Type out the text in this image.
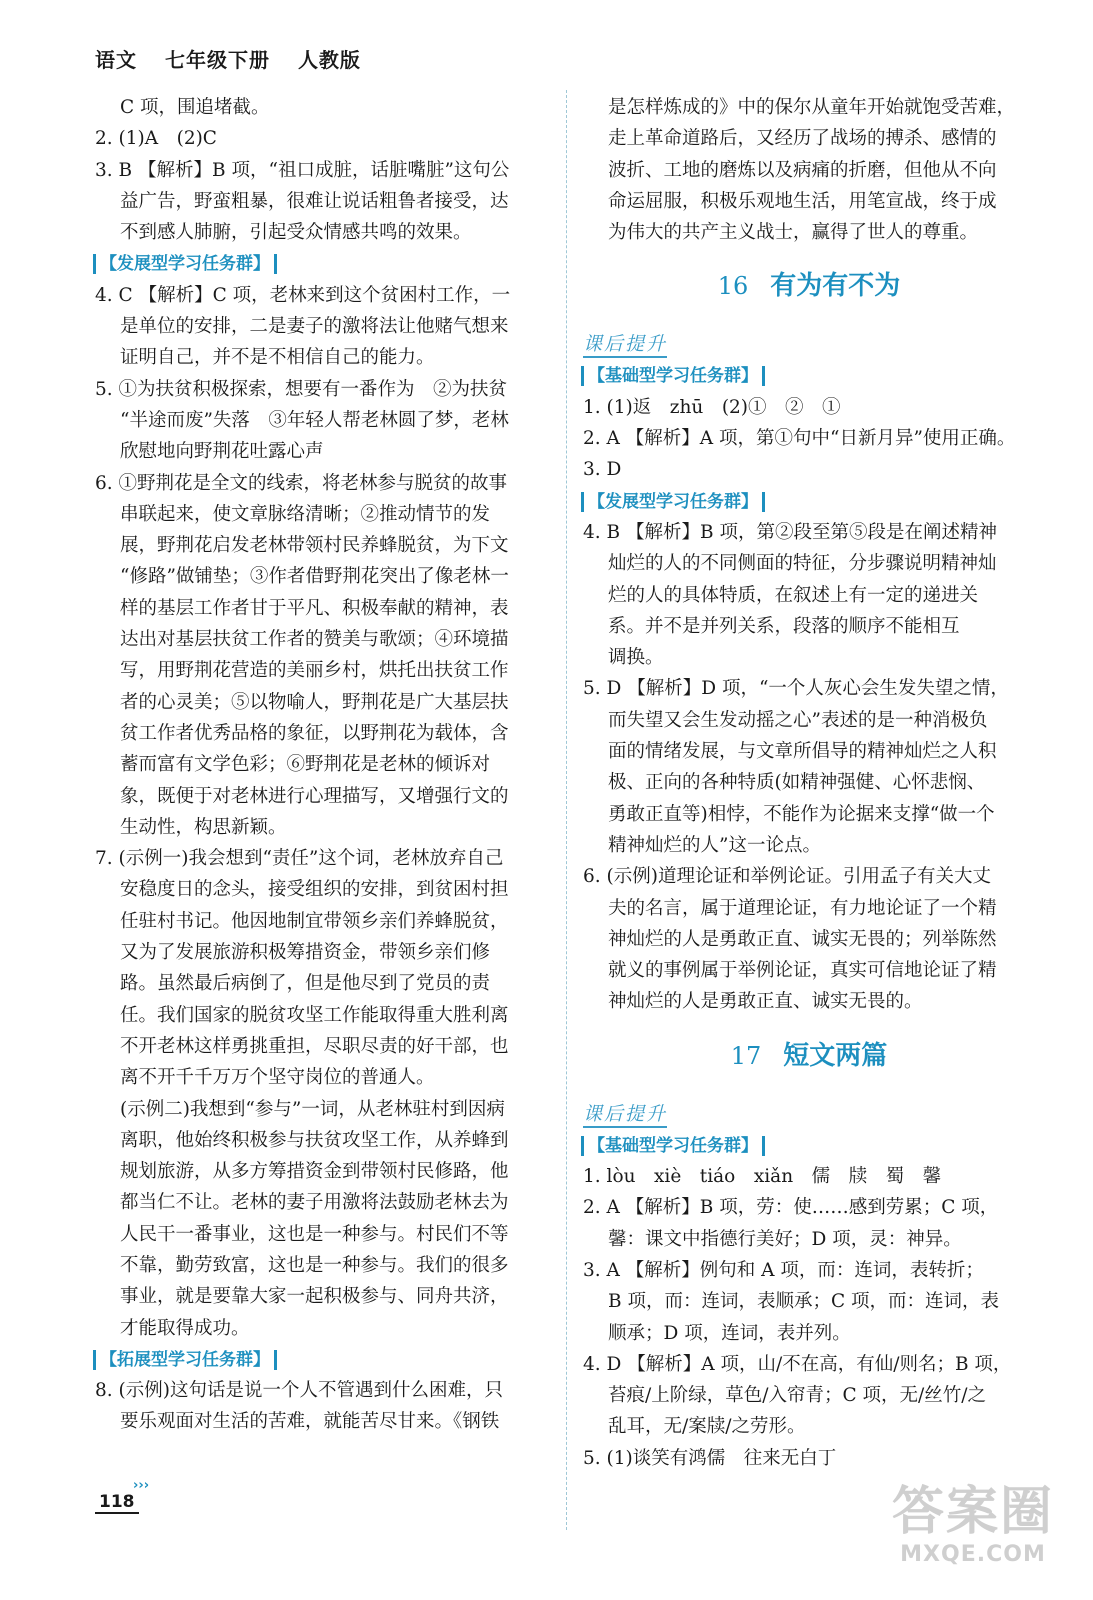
语文 七年级下册 人教版
C 项，围追堵截。
2. (1)A　(2)C
3. B 【解析】B 项，“祖口成脏，话脏嘴脏”这句公
益广告，野蛮粗暴，很难让说话粗鲁者接受，达
不到感人肺腑，引起受众情感共鸣的效果。
【发展型学习任务群】
4. C 【解析】C 项，老林来到这个贫困村工作，一
是单位的安排，二是妻子的激将法让他赌气想来
证明自己，并不是不相信自己的能力。
5. ①为扶贫积极探索，想要有一番作为　②为扶贫
“半途而废”失落　③年轻人帮老林圆了梦，老林
欣慰地向野荆花吐露心声
6. ①野荆花是全文的线索，将老林参与脱贫的故事
串联起来，使文章脉络清晰；②推动情节的发
展，野荆花启发老林带领村民养蜂脱贫，为下文
“修路”做铺垫；③作者借野荆花突出了像老林一
样的基层工作者甘于平凡、积极奉献的精神，表
达出对基层扶贫工作者的赞美与歌颂；④环境描
写，用野荆花营造的美丽乡村，烘托出扶贫工作
者的心灵美；⑤以物喻人，野荆花是广大基层扶
贫工作者优秀品格的象征，以野荆花为载体，含
蓄而富有文学色彩；⑥野荆花是老林的倾诉对
象，既便于对老林进行心理描写，又增强行文的
生动性，构思新颖。
7. (示例一)我会想到“责任”这个词，老林放弃自己
安稳度日的念头，接受组织的安排，到贫困村担
任驻村书记。他因地制宜带领乡亲们养蜂脱贫，
又为了发展旅游积极筹措资金，带领乡亲们修
路。虽然最后病倒了，但是他尽到了党员的责
任。我们国家的脱贫攻坚工作能取得重大胜利离
不开老林这样勇挑重担，尽职尽责的好干部，也
离不开千千万万个坚守岗位的普通人。
(示例二)我想到“参与”一词，从老林驻村到因病
离职，他始终积极参与扶贫攻坚工作，从养蜂到
规划旅游，从多方筹措资金到带领村民修路，他
都当仁不让。老林的妻子用激将法鼓励老林去为
人民干一番事业，这也是一种参与。村民们不等
不靠，勤劳致富，这也是一种参与。我们的很多
事业，就是要靠大家一起积极参与、同舟共济，
才能取得成功。
【拓展型学习任务群】
8. (示例)这句话是说一个人不管遇到什么困难，只
要乐观面对生活的苦难，就能苦尽甘来。《钢铁
是怎样炼成的》中的保尔从童年开始就饱受苦难，
走上革命道路后，又经历了战场的搏杀、感情的
波折、工地的磨炼以及病痛的折磨，但他从不向
命运屈服，积极乐观地生活，用笔宣战，终于成
为伟大的共产主义战士，赢得了世人的尊重。
16 有为有不为
课后提升
【基础型学习任务群】
1. (1)返　zhū　(2)①　②　①
2. A 【解析】A 项，第①句中“日新月异”使用正确。
3. D
【发展型学习任务群】
4. B 【解析】B 项，第②段至第⑤段是在阐述精神
灿烂的人的不同侧面的特征，分步骤说明精神灿
烂的人的具体特质，在叙述上有一定的递进关
系。并不是并列关系，段落的顺序不能相互
调换。
5. D 【解析】D 项，“一个人灰心会生发失望之情，
而失望又会生发动摇之心”表述的是一种消极负
面的情绪发展，与文章所倡导的精神灿烂之人积
极、正向的各种特质(如精神强健、心怀悲悯、
勇敢正直等)相悖，不能作为论据来支撑“做一个
精神灿烂的人”这一论点。
6. (示例)道理论证和举例论证。引用孟子有关大丈
夫的名言，属于道理论证，有力地论证了一个精
神灿烂的人是勇敢正直、诚实无畏的；列举陈然
就义的事例属于举例论证，真实可信地论证了精
神灿烂的人是勇敢正直、诚实无畏的。
17 短文两篇
课后提升
【基础型学习任务群】
1. lòu　xiè　tiáo　xiǎn　儒　牍　蜀　馨
2. A 【解析】B 项，劳：使……感到劳累；C 项，
馨：课文中指德行美好；D 项，灵：神异。
3. A 【解析】例句和 A 项，而：连词，表转折；
B 项，而：连词，表顺承；C 项，而：连词，表
顺承；D 项，连词，表并列。
4. D 【解析】A 项，山/不在高，有仙/则名；B 项，
苔痕/上阶绿，草色/入帘青；C 项，无/丝竹/之
乱耳，无/案牍/之劳形。
5. (1)谈笑有鸿儒　往来无白丁
›››
118	答案圈
MXQE.COM
